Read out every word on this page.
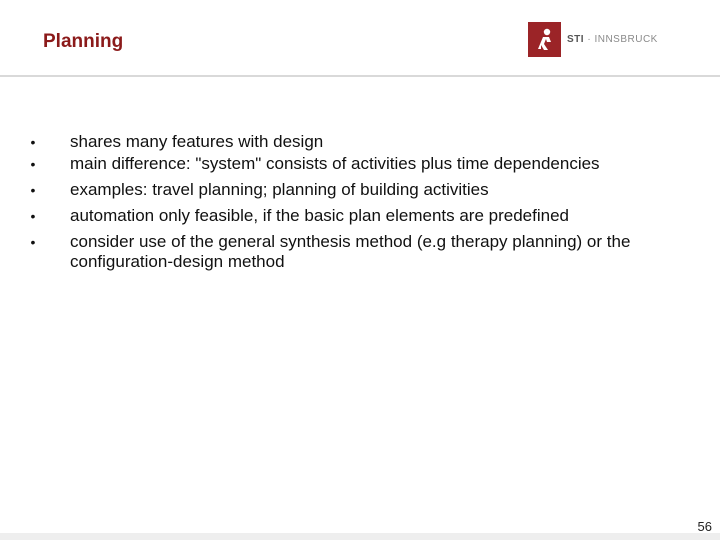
Planning	STI · INNSBRUCK
• shares many features with design
• main difference: "system" consists of activities plus time dependencies
• examples: travel planning; planning of building activities
• automation only feasible, if the basic plan elements are predefined
• consider use of the general synthesis method (e.g therapy planning) or the configuration-design method
56
